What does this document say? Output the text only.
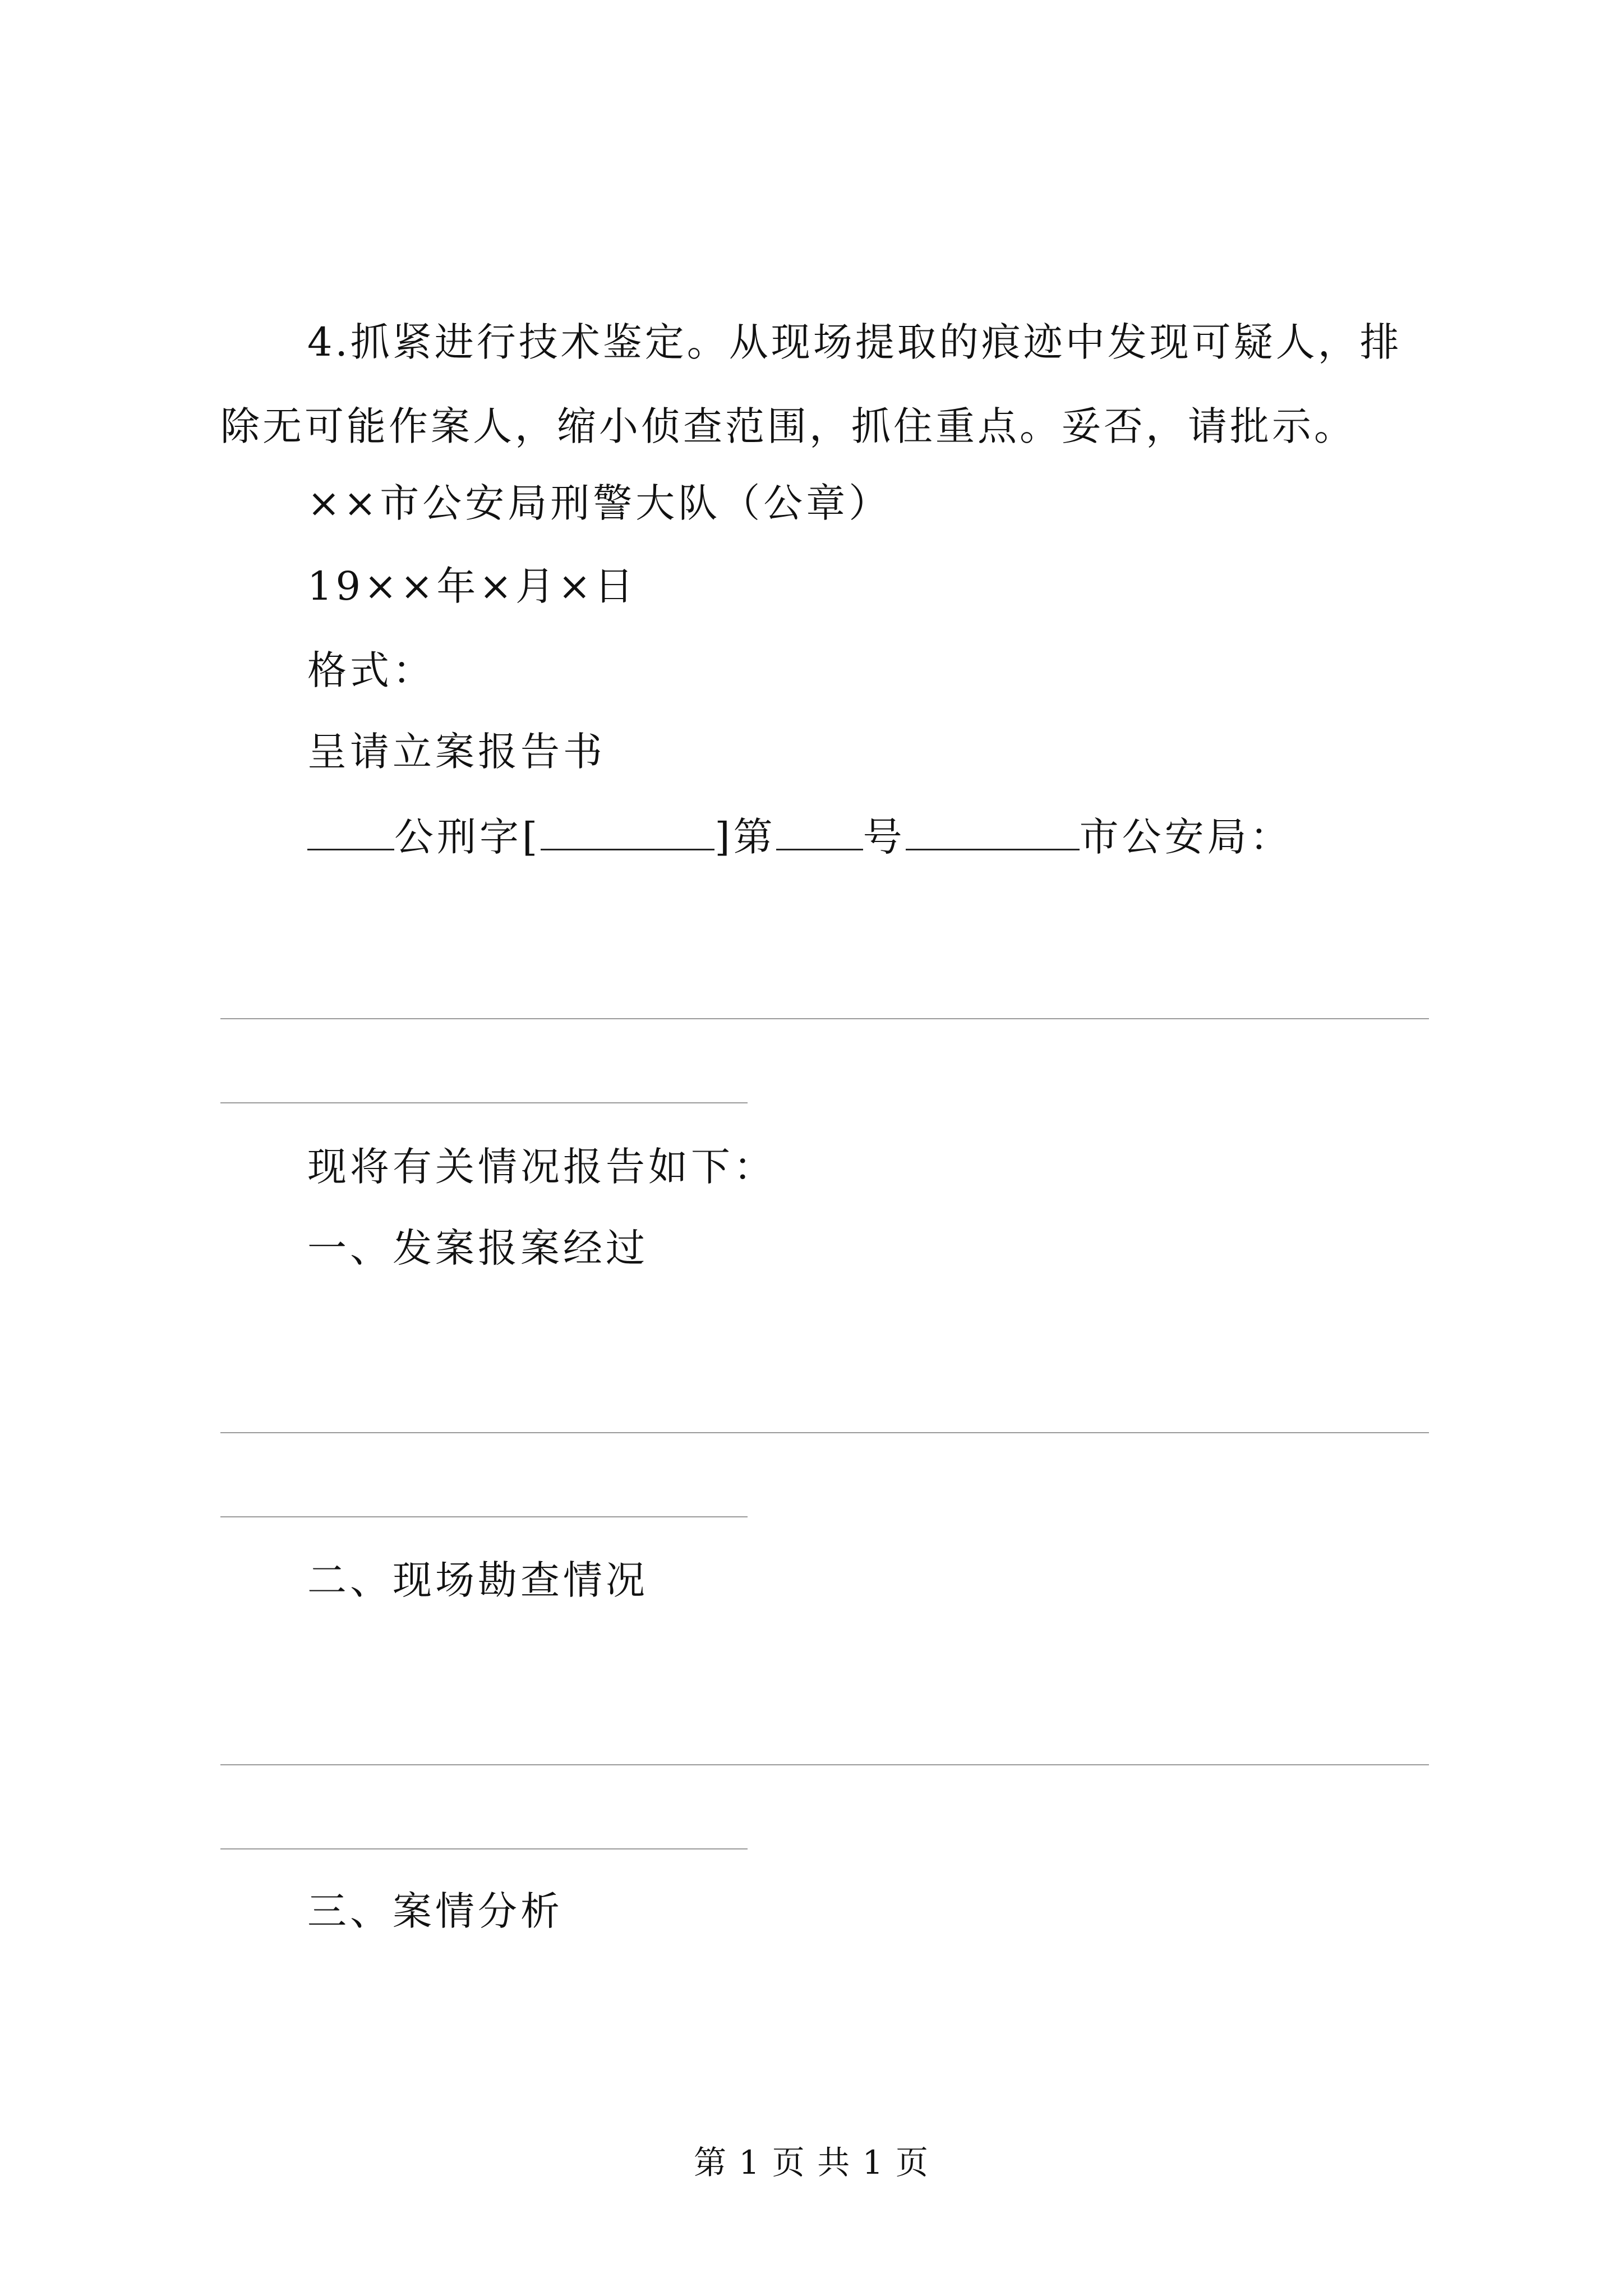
4.抓紧进行技术鉴定。从现场提取的痕迹中发现可疑人，排除无可能作案人，缩小侦查范围，抓住重点。妥否，请批示。
××市公安局刑警大队（公章）
19××年×月×日
格式：
呈请立案报告书
公刑字[	]第 号	市公安局：
现将有关情况报告如下：
一、发案报案经过
二、现场勘查情况
三、案情分析
第 1 页 共 1 页
